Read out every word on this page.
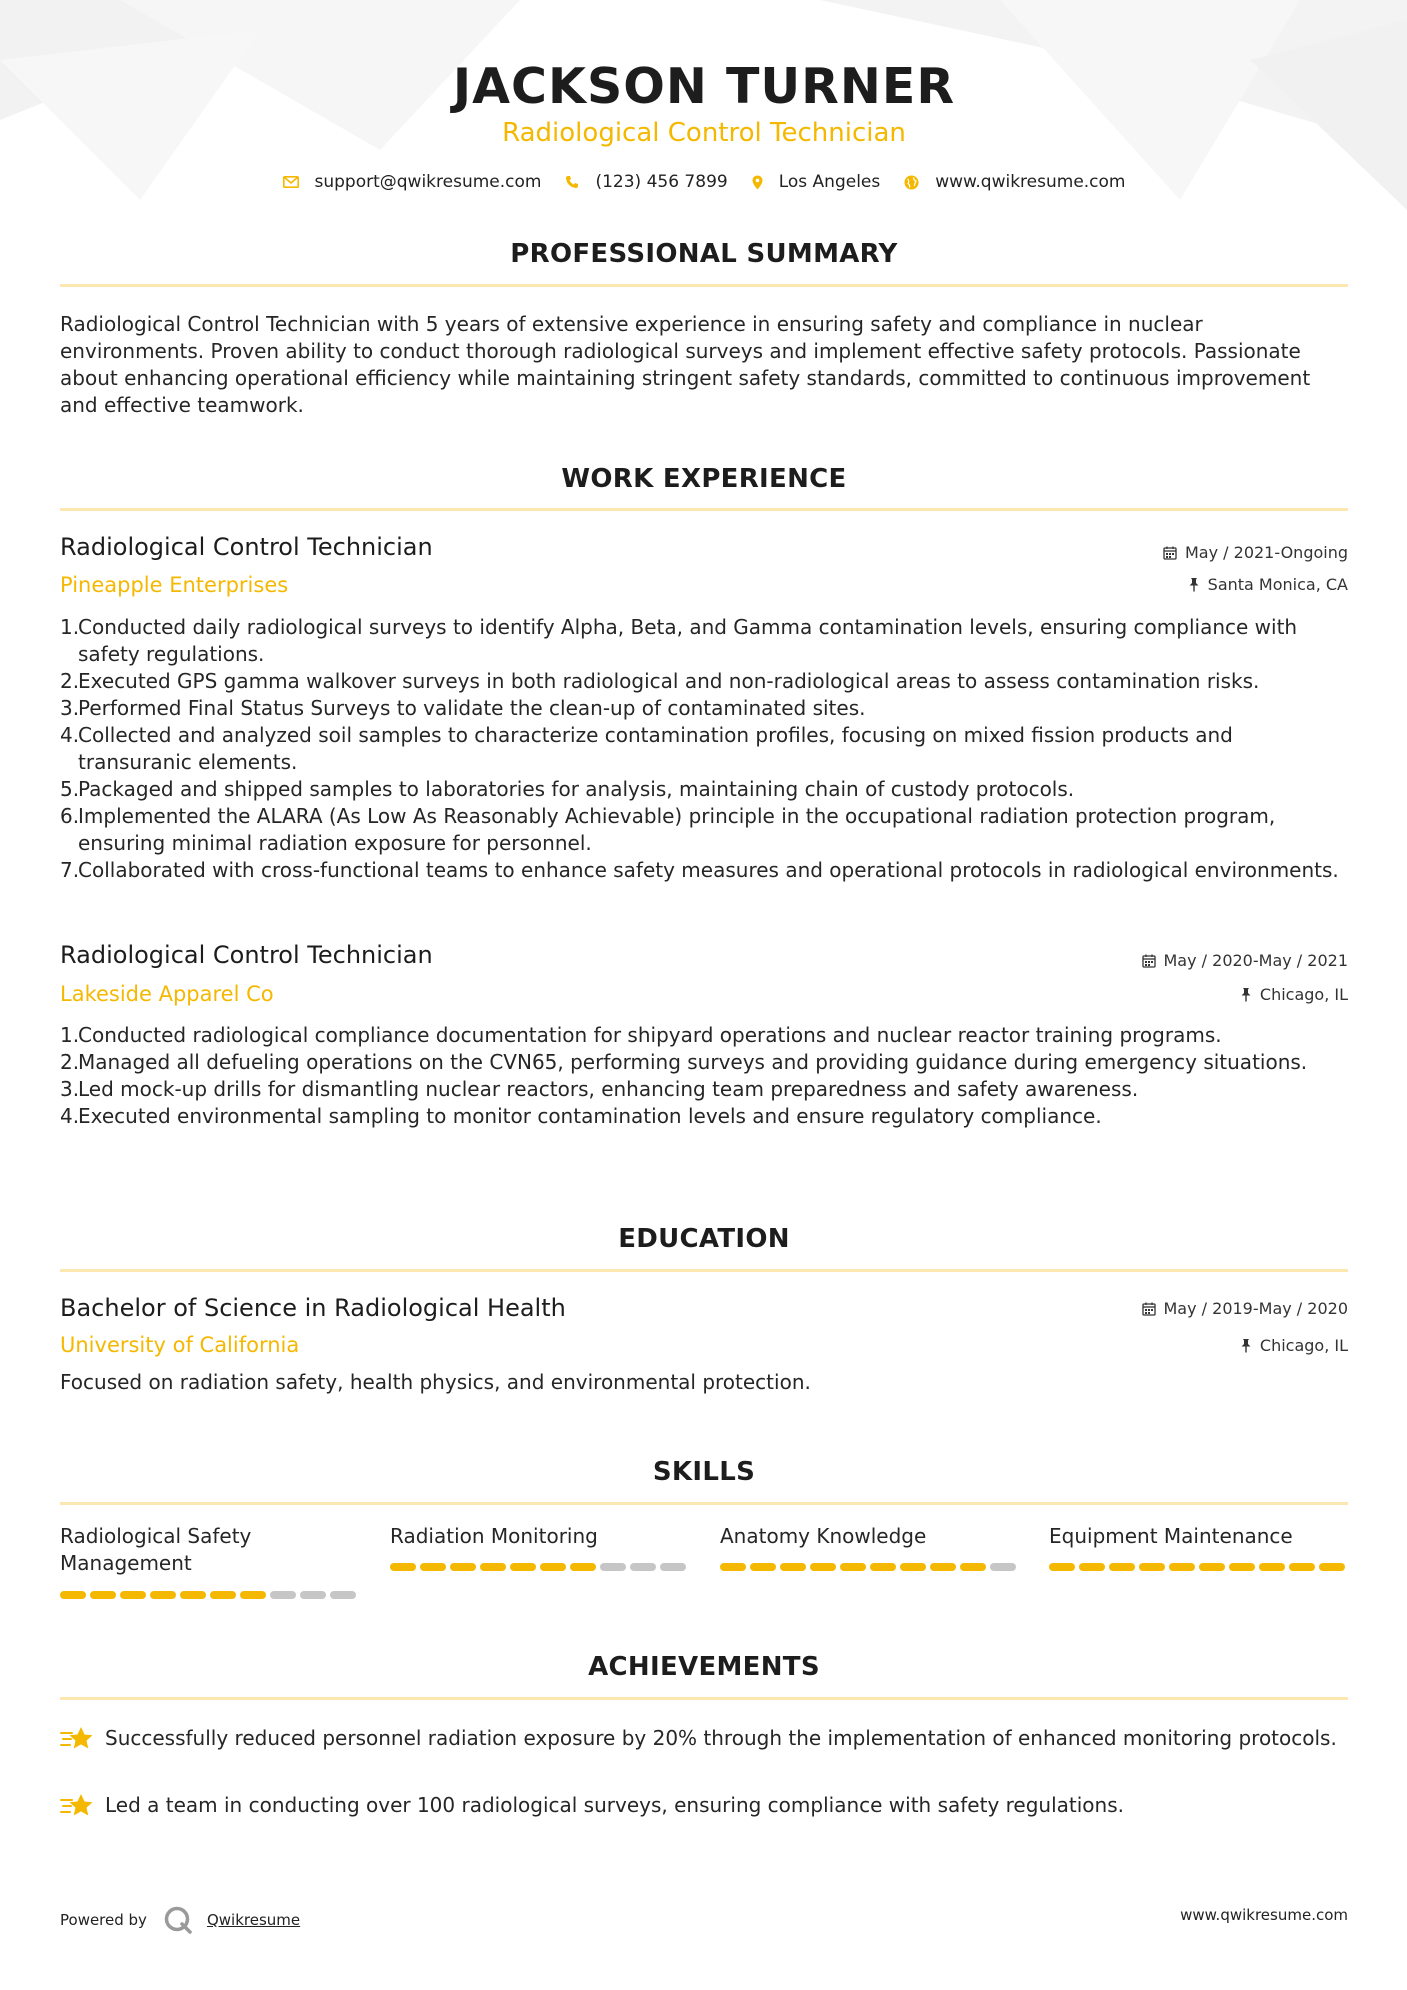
JACKSON TURNER
Radiological Control Technician
support@qwikresume.com	(123) 456 7899	Los Angeles	www.qwikresume.com
PROFESSIONAL SUMMARY
Radiological Control Technician with 5 years of extensive experience in ensuring safety and compliance in nuclear environments. Proven ability to conduct thorough radiological surveys and implement effective safety protocols. Passionate about enhancing operational efficiency while maintaining stringent safety standards, committed to continuous improvement and effective teamwork.
WORK EXPERIENCE
Radiological Control Technician	May / 2021-Ongoing
Pineapple Enterprises	Santa Monica, CA
1.
Conducted daily radiological surveys to identify Alpha, Beta, and Gamma contamination levels, ensuring compliance with safety regulations.
2.
Executed GPS gamma walkover surveys in both radiological and non-radiological areas to assess contamination risks.
3.
Performed Final Status Surveys to validate the clean-up of contaminated sites.
4.
Collected and analyzed soil samples to characterize contamination profiles, focusing on mixed fission products and transuranic elements.
5.
Packaged and shipped samples to laboratories for analysis, maintaining chain of custody protocols.
6.
Implemented the ALARA (As Low As Reasonably Achievable) principle in the occupational radiation protection program, ensuring minimal radiation exposure for personnel.
7.
Collaborated with cross-functional teams to enhance safety measures and operational protocols in radiological environments.
Radiological Control Technician	May / 2020-May / 2021
Lakeside Apparel Co	Chicago, IL
1.
Conducted radiological compliance documentation for shipyard operations and nuclear reactor training programs.
2.
Managed all defueling operations on the CVN65, performing surveys and providing guidance during emergency situations.
3.
Led mock-up drills for dismantling nuclear reactors, enhancing team preparedness and safety awareness.
4.
Executed environmental sampling to monitor contamination levels and ensure regulatory compliance.
EDUCATION
Bachelor of Science in Radiological Health	May / 2019-May / 2020
University of California	Chicago, IL
Focused on radiation safety, health physics, and environmental protection.
SKILLS
Radiological Safety Management
Radiation Monitoring	Anatomy Knowledge	Equipment Maintenance
ACHIEVEMENTS
Successfully reduced personnel radiation exposure by 20% through the implementation of enhanced monitoring protocols.
Led a team in conducting over 100 radiological surveys, ensuring compliance with safety regulations.
Powered by	Qwikresume	www.qwikresume.com
